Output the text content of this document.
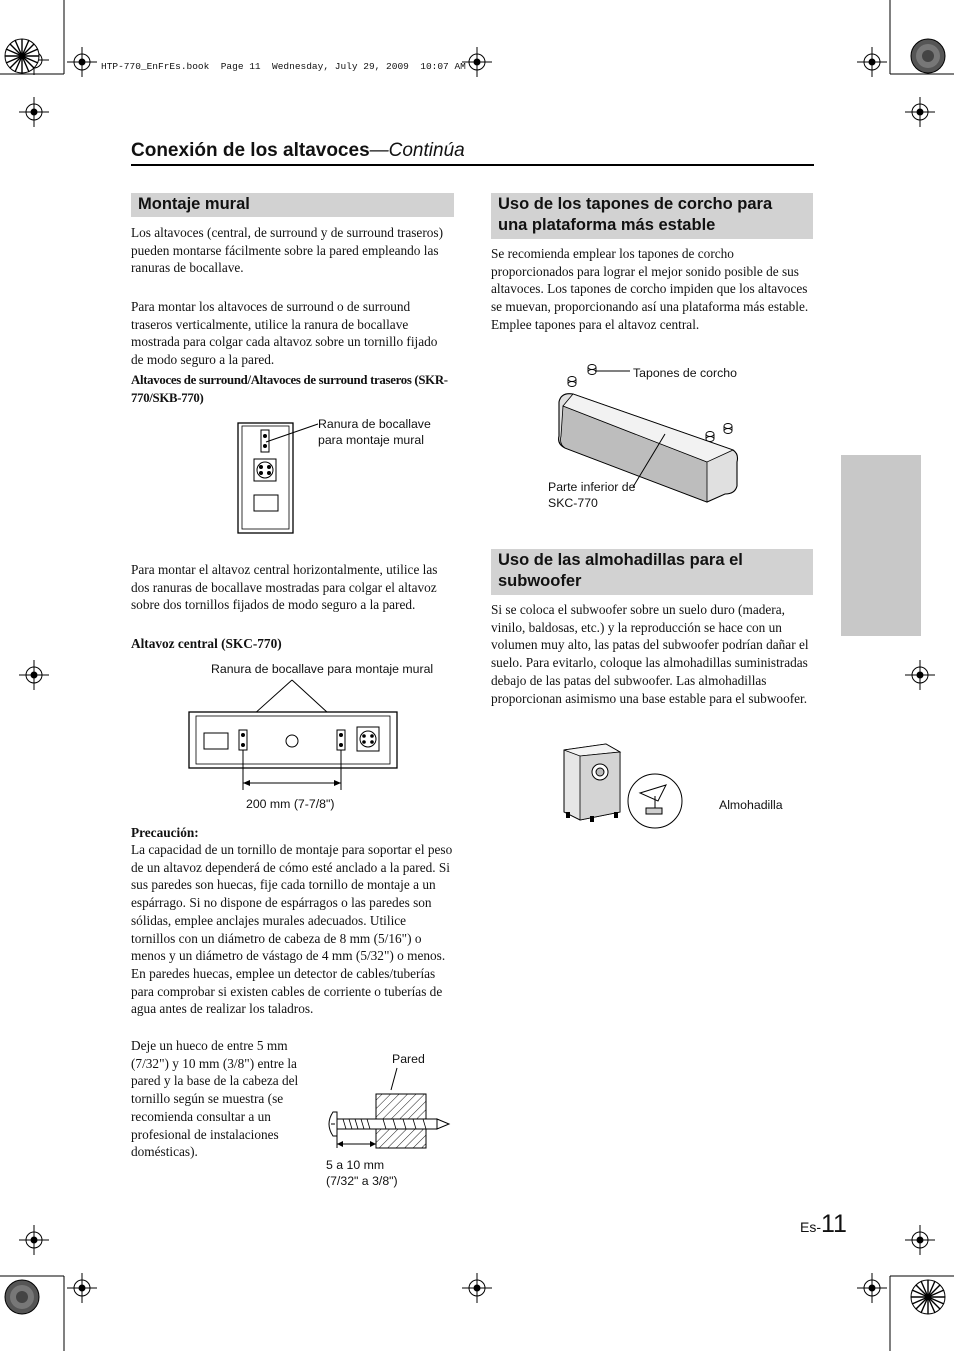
HTP-770_EnFrEs.book  Page 11  Wednesday, July 29, 2009  10:07 AM
Conexión de los altavoces—Continúa
Montaje mural

Los altavoces (central, de surround y de surround traseros) pueden montarse fácilmente sobre la pared empleando las ranuras de bocallave.

Para montar los altavoces de surround o de surround traseros verticalmente, utilice la ranura de bocallave mostrada para colgar cada altavoz sobre un tornillo fijado de modo seguro a la pared.

Altavoces de surround/Altavoces de surround traseros (SKR-770/SKB-770)
Ranura de bocallave
para montaje mural

Para montar el altavoz central horizontalmente, utilice las dos ranuras de bocallave mostradas para colgar el altavoz sobre dos tornillos fijados de modo seguro a la pared.

Altavoz central (SKC-770)
Ranura de bocallave para montaje mural
200 mm (7-7/8")
Precaución:

La capacidad de un tornillo de montaje para soportar el peso de un altavoz dependerá de cómo esté anclado a la pared. Si sus paredes son huecas, fije cada tornillo de montaje a un espárrago. Si no dispone de espárragos o las paredes son sólidas, emplee anclajes murales adecuados. Utilice tornillos con un diámetro de cabeza de 8 mm (5/16") o menos y un diámetro de vástago de 4 mm (5/32") o menos. En paredes huecas, emplee un detector de cables/tuberías para comprobar si existen cables de corriente o tuberías de agua antes de realizar los taladros.

Deje un hueco de entre 5 mm (7/32") y 10 mm (3/8") entre la pared y la base de la cabeza del tornillo según se muestra (se recomienda consultar a un profesional de instalaciones domésticas).

Pared
5 a 10 mm
(7/32" a 3/8")
Uso de los tapones de corcho para una plataforma más estable

Se recomienda emplear los tapones de corcho proporcionados para lograr el mejor sonido posible de sus altavoces. Los tapones de corcho impiden que los altavoces se muevan, proporcionando así una plataforma más estable. Emplee tapones para el altavoz central.

Tapones de corcho
Parte inferior de
SKC-770
Uso de las almohadillas para el subwoofer

Si se coloca el subwoofer sobre un suelo duro (madera, vinilo, baldosas, etc.) y la reproducción se hace con un volumen muy alto, las patas del subwoofer podrían dañar el suelo. Para evitarlo, coloque las almohadillas suministradas debajo de las patas del subwoofer. Las almohadillas proporcionan asimismo una base estable para el subwoofer.

Almohadilla
Es-11
